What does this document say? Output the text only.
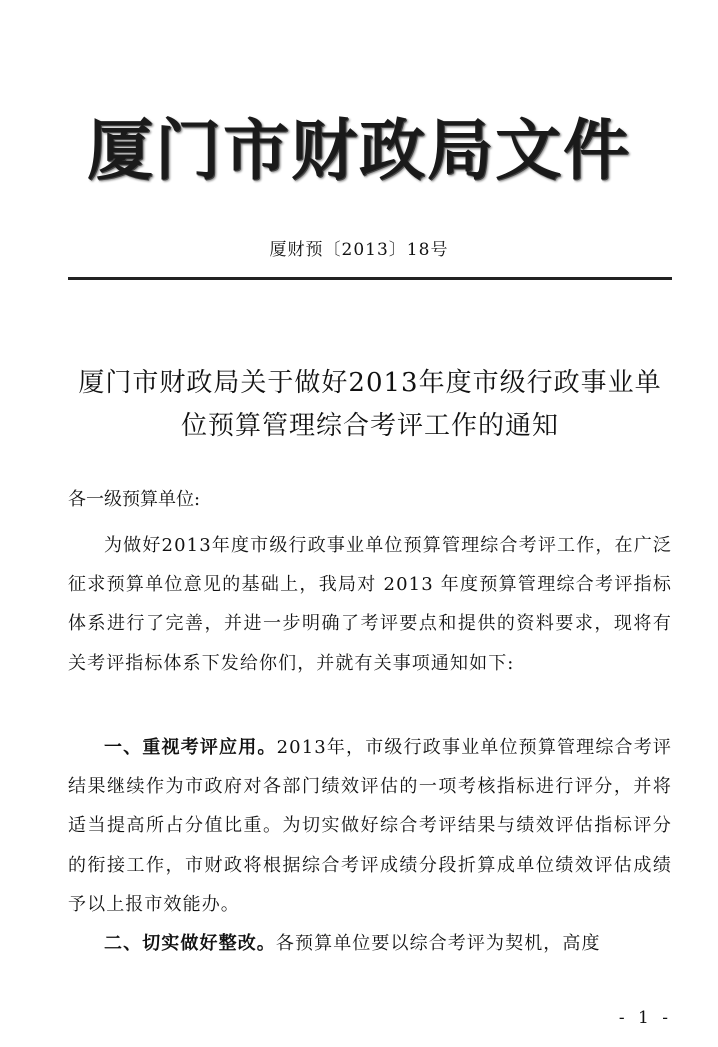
厦门市财政局文件
厦财预〔2013〕18号
厦门市财政局关于做好2013年度市级行政事业单位预算管理综合考评工作的通知
各一级预算单位:
为做好2013年度市级行政事业单位预算管理综合考评工作，在广泛征求预算单位意见的基础上，我局对 2013 年度预算管理综合考评指标体系进行了完善，并进一步明确了考评要点和提供的资料要求，现将有关考评指标体系下发给你们，并就有关事项通知如下:
一、重视考评应用。2013年，市级行政事业单位预算管理综合考评结果继续作为市政府对各部门绩效评估的一项考核指标进行评分，并将适当提高所占分值比重。为切实做好综合考评结果与绩效评估指标评分的衔接工作，市财政将根据综合考评成绩分段折算成单位绩效评估成绩予以上报市效能办。
二、切实做好整改。各预算单位要以综合考评为契机，高度
- 1 -
